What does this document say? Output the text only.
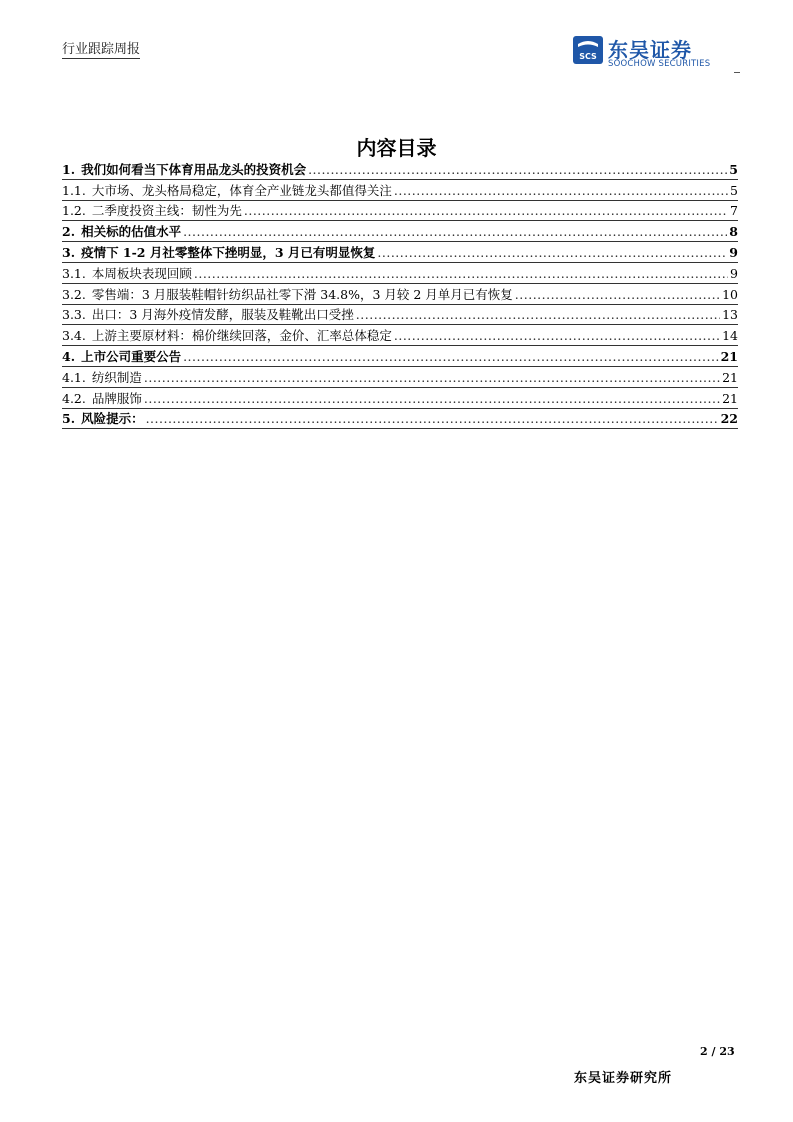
行业跟踪周报	SCS 东吴证券
SOOCHOW SECURITIES
内容目录
1. 我们如何看当下体育用品龙头的投资机会 .....	5
1.1. 大市场、龙头格局稳定，体育全产业链龙头都值得关注 .....	5
1.2. 二季度投资主线：韧性为先 .....	7
2. 相关标的估值水平 .....	8
3. 疫情下 1-2 月社零整体下挫明显，3 月已有明显恢复 .....	9
3.1. 本周板块表现回顾 .....	9
3.2. 零售端：3 月服装鞋帽针纺织品社零下滑 34.8%，3 月较 2 月单月已有恢复 .....	10
3.3. 出口：3 月海外疫情发酵，服装及鞋靴出口受挫 .....	13
3.4. 上游主要原材料：棉价继续回落，金价、汇率总体稳定 .....	14
4. 上市公司重要公告 .....	21
4.1. 纺织制造 .....	21
4.2. 品牌服饰 .....	21
5. 风险提示： .....	22
2 / 23
东吴证券研究所
